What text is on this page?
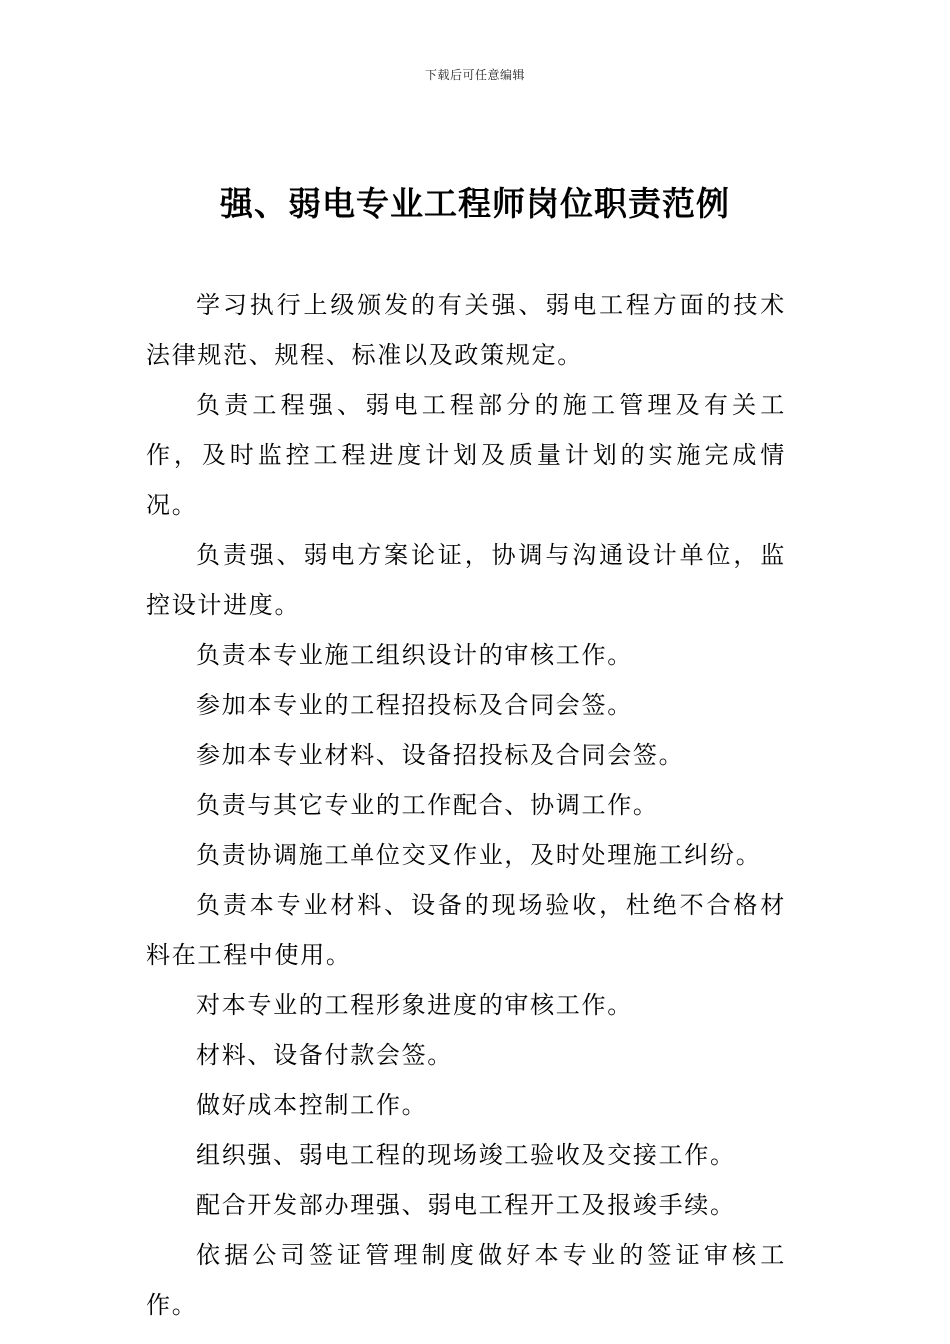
下载后可任意编辑
强、弱电专业工程师岗位职责范例

学习执行上级颁发的有关强、弱电工程方面的技术法律规范、规程、标准以及政策规定。

负责工程强、弱电工程部分的施工管理及有关工作，及时监控工程进度计划及质量计划的实施完成情况。

负责强、弱电方案论证，协调与沟通设计单位，监控设计进度。

负责本专业施工组织设计的审核工作。

参加本专业的工程招投标及合同会签。

参加本专业材料、设备招投标及合同会签。

负责与其它专业的工作配合、协调工作。

负责协调施工单位交叉作业，及时处理施工纠纷。

负责本专业材料、设备的现场验收，杜绝不合格材料在工程中使用。

对本专业的工程形象进度的审核工作。

材料、设备付款会签。

做好成本控制工作。

组织强、弱电工程的现场竣工验收及交接工作。

配合开发部办理强、弱电工程开工及报竣手续。

依据公司签证管理制度做好本专业的签证审核工作。
